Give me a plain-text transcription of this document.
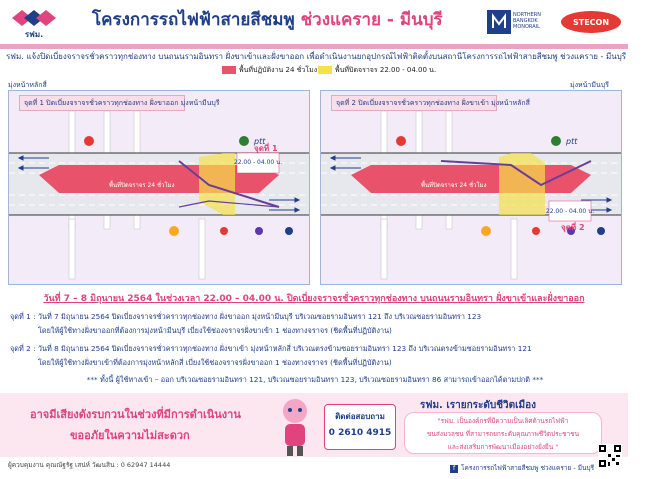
รฟม.
โครงการรถไฟฟ้าสายสีชมพู ช่วงแคราย - มีนบุรี	NORTHERN BANGKOK MONORAIL	STECON
รฟม. แจ้งปิดเบี่ยงจราจรชั่วคราวทุกช่องทาง บนถนนรามอินทรา ฝั่งขาเข้าและฝั่งขาออก เพื่อดำเนินงานยกอุปกรณ์ไฟฟ้าติดตั้งบนสถานีโครงการรถไฟฟ้าสายสีชมพู ช่วงแคราย - มีนบุรี
พื้นที่ปฏิบัติงาน 24 ชั่วโมง	พื้นที่ปิดจราจร 22.00 - 04.00 น.
มุ่งหน้าหลักสี่	มุ่งหน้ามีนบุรี
จุดที่ 1 ปิดเบี่ยงจราจรชั่วคราวทุกช่องทาง ฝั่งขาออก มุ่งหน้ามีนบุรี
ptt
22.00 - 04.00 น.
จุดที่ 1
พื้นที่ปิดจราจร 24 ชั่วโมง
จุดที่ 2 ปิดเบี่ยงจราจรชั่วคราวทุกช่องทาง ฝั่งขาเข้า มุ่งหน้าหลักสี่
ptt
22.00 - 04.00 น.
จุดที่ 2
พื้นที่ปิดจราจร 24 ชั่วโมง
วันที่ 7 – 8 มิถุนายน 2564 ในช่วงเวลา 22.00 – 04.00 น. ปิดเบี่ยงจราจรชั่วคราวทุกช่องทาง บนถนนรามอินทรา ฝั่งขาเข้าและฝั่งขาออก
จุดที่ 1 : วันที่ 7 มิถุนายน 2564 ปิดเบี่ยงจราจรชั่วคราวทุกช่องทาง ฝั่งขาออก มุ่งหน้ามีนบุรี บริเวณซอยรามอินทรา 121 ถึง บริเวณซอยรามอินทรา 123
โดยให้ผู้ใช้ทางฝั่งขาออกที่ต้องการมุ่งหน้ามีนบุรี เบี่ยงใช้ช่องจราจรฝั่งขาเข้า 1 ช่องทางจราจร (ชิดพื้นที่ปฏิบัติงาน)
จุดที่ 2 : วันที่ 8 มิถุนายน 2564 ปิดเบี่ยงจราจรชั่วคราวทุกช่องทาง ฝั่งขาเข้า มุ่งหน้าหลักสี่ บริเวณตรงข้ามซอยรามอินทรา 123 ถึง บริเวณตรงข้ามซอยรามอินทรา 121
โดยให้ผู้ใช้ทางฝั่งขาเข้าที่ต้องการมุ่งหน้าหลักสี่ เบี่ยงใช้ช่องจราจรฝั่งขาออก 1 ช่องทางจราจร (ชิดพื้นที่ปฏิบัติงาน)
*** ทั้งนี้ ผู้ใช้ทางเข้า – ออก บริเวณซอยรามอินทรา 121, บริเวณซอยรามอินทรา 123, บริเวณซอยรามอินทรา 86 สามารถเข้าออกได้ตามปกติ ***
อาจมีเสียงดังรบกวนในช่วงที่มีการดำเนินงาน
ขออภัยในความไม่สะดวก
ติดต่อสอบถาม
0 2610 4915
รฟม. เรายกระดับชีวิตเมือง
"รฟม. เป็นองค์กรที่มีความเป็นเลิศด้านรถไฟฟ้า
ขนส่งมวลชน ที่สามารถยกระดับคุณภาพชีวิตประชาชน
และส่งเสริมการพัฒนาเมืองอย่างยั่งยืน "
ผู้ควบคุมงาน คุณณัฐรัฐ เสน่ห์ วัฒนสิน : 0 62947 14444	f โครงการรถไฟฟ้าสายสีชมพู ช่วงแคราย - มีนบุรี
